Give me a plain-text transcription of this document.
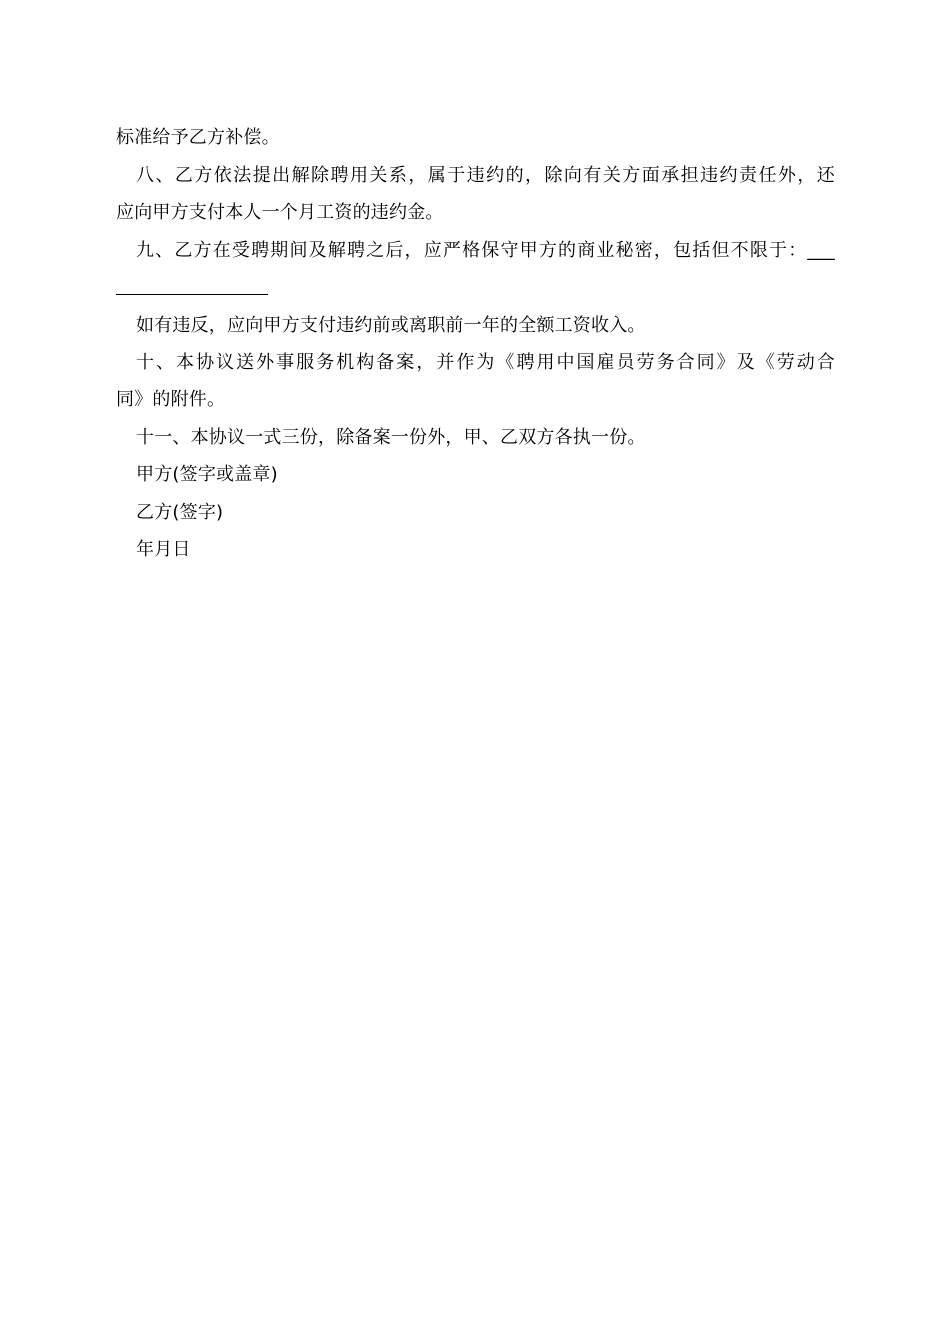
标准给予乙方补偿。
八、乙方依法提出解除聘用关系，属于违约的，除向有关方面承担违约责任外，还
应向甲方支付本人一个月工资的违约金。
九、乙方在受聘期间及解聘之后，应严格保守甲方的商业秘密，包括但不限于：___
如有违反，应向甲方支付违约前或离职前一年的全额工资收入。
十、本协议送外事服务机构备案，并作为《聘用中国雇员劳务合同》及《劳动合
同》的附件。
十一、本协议一式三份，除备案一份外，甲、乙双方各执一份。
甲方(签字或盖章)
乙方(签字)
年月日
